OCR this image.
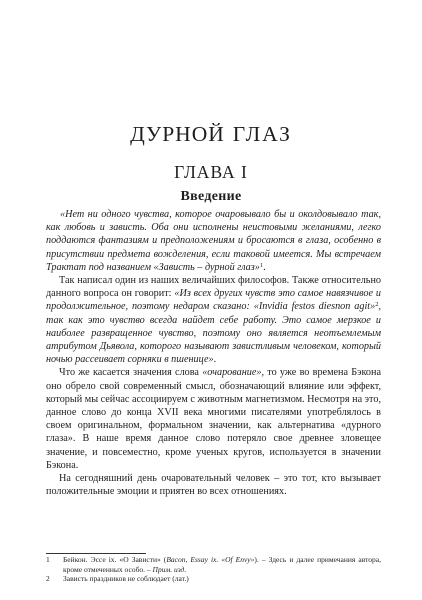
ДУРНОЙ ГЛАЗ
ГЛАВА I
Введение

«Нет ни одного чувства, которое очаровывало бы и околдовывало так, как любовь и зависть. Оба они исполнены неистовыми желаниями, легко поддаются фантазиям и предположениям и бросаются в глаза, особенно в присутствии предмета вожделения, если таковой имеется. Мы встречаем Трактат под названием «Зависть – дурной глаз»$^1$.

Так написал один из наших величайших философов. Также относительно данного вопроса он говорит: «Из всех других чувств это самое навязчивое и продолжительное, поэтому недаром сказано: «Invidia festos diesnon agit»$^2$, так как это чувство всегда найдет себе работу. Это самое мерзкое и наиболее развращенное чувство, поэтому оно является неотъемлемым атрибутом Дьявола, которого называют завистливым человеком, который ночью рассеивает сорняки в пшенице».

Что же касается значения слова «очарование», то уже во времена Бэкона оно обрело свой современный смысл, обозначающий влияние или эффект, который мы сейчас ассоциируем с животным магнетизмом. Несмотря на это, данное слово до конца XVII века многими писателями употреблялось в своем оригинальном, формальном значении, как альтернатива «дурного глаза». В наше время данное слово потеряло свое древнее зловещее значение, и повсеместно, кроме ученых кругов, используется в значении Бэкона.

На сегодняшний день очаровательный человек – это тот, кто вызывает положительные эмоции и приятен во всех отношениях.

1	Бейкон. Эссе ix. «О Зависти» (Bacon, Essay ix. «Of Envy»). – Здесь и далее примечания автора, кроме отмеченных особо. – Прим. изд.
2	Зависть праздников не соблюдает (лат.)
